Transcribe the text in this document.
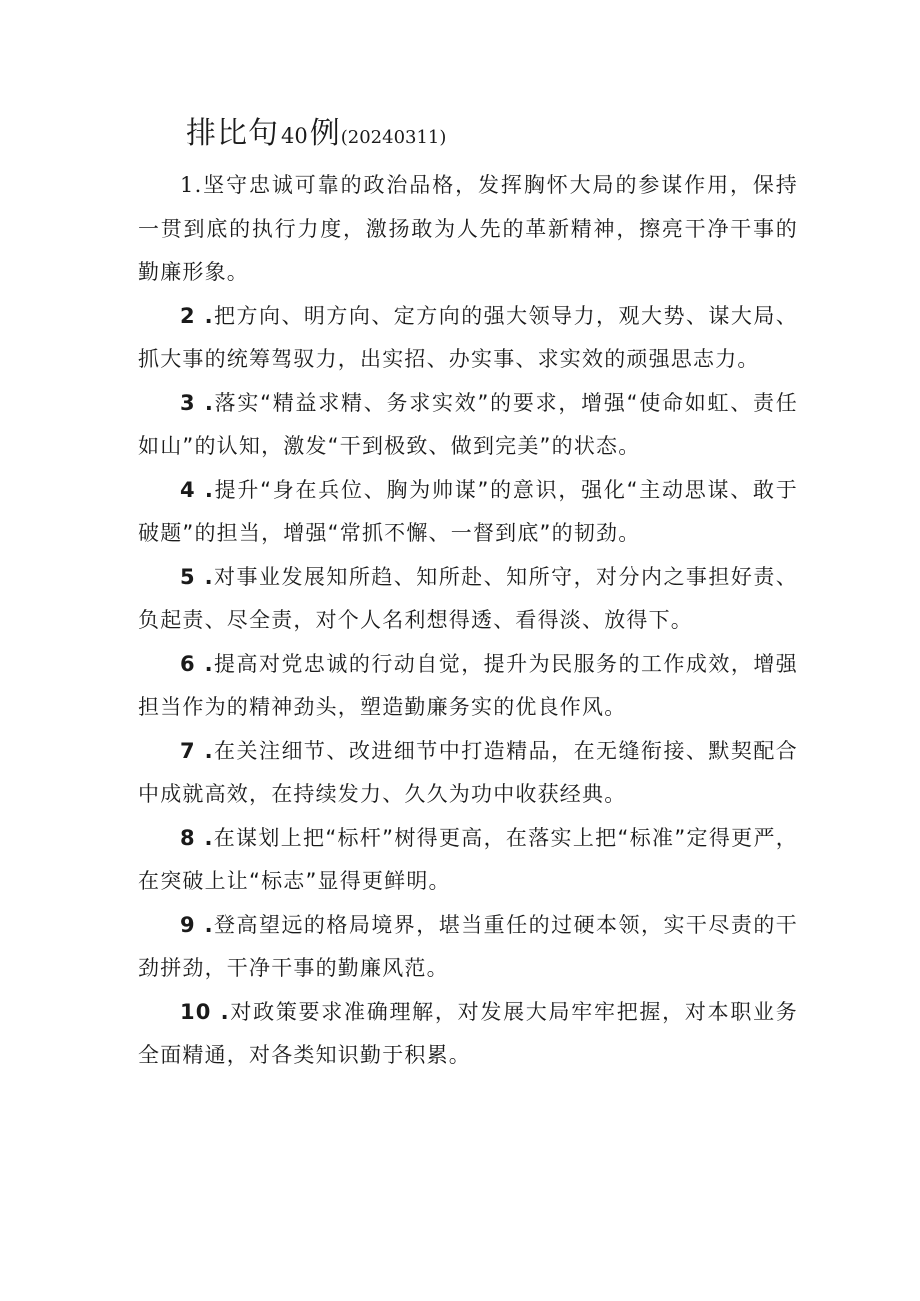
排比句40例(20240311)

1.坚守忠诚可靠的政治品格，发挥胸怀大局的参谋作用，保持一贯到底的执行力度，激扬敢为人先的革新精神，擦亮干净干事的勤廉形象。

2 .把方向、明方向、定方向的强大领导力，观大势、谋大局、抓大事的统筹驾驭力，出实招、办实事、求实效的顽强思志力。

3 .落实“精益求精、务求实效”的要求，增强“使命如虹、责任如山”的认知，激发“干到极致、做到完美”的状态。

4 .提升“身在兵位、胸为帅谋”的意识，强化“主动思谋、敢于破题”的担当，增强“常抓不懈、一督到底”的韧劲。

5 .对事业发展知所趋、知所赴、知所守，对分内之事担好责、负起责、尽全责，对个人名利想得透、看得淡、放得下。

6 .提高对党忠诚的行动自觉，提升为民服务的工作成效，增强担当作为的精神劲头，塑造勤廉务实的优良作风。

7 .在关注细节、改进细节中打造精品，在无缝衔接、默契配合中成就高效，在持续发力、久久为功中收获经典。

8 .在谋划上把“标杆”树得更高，在落实上把“标准”定得更严，在突破上让“标志”显得更鲜明。

9 .登高望远的格局境界，堪当重任的过硬本领，实干尽责的干劲拼劲，干净干事的勤廉风范。

10 .对政策要求准确理解，对发展大局牢牢把握，对本职业务全面精通，对各类知识勤于积累。
